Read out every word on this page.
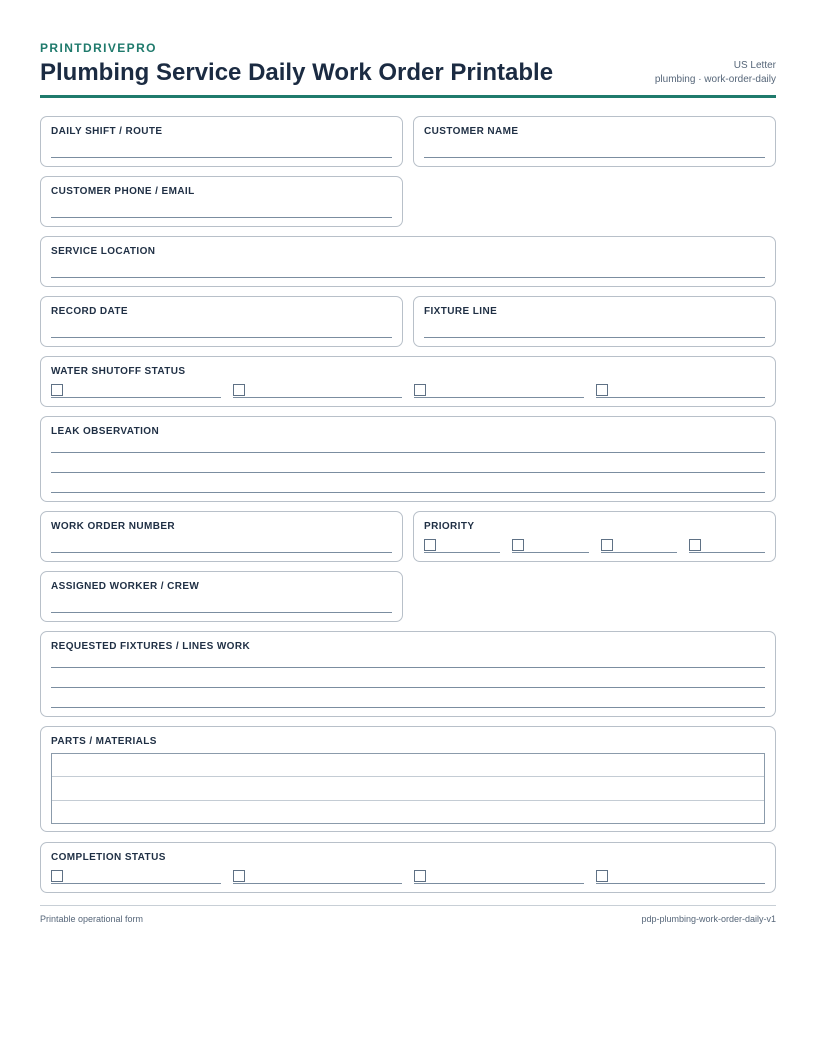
PRINTDRIVEPRO
Plumbing Service Daily Work Order Printable	US Letter
plumbing · work-order-daily
DAILY SHIFT / ROUTE	CUSTOMER NAME
CUSTOMER PHONE / EMAIL
SERVICE LOCATION
RECORD DATE	FIXTURE LINE
WATER SHUTOFF STATUS
LEAK OBSERVATION
WORK ORDER NUMBER	PRIORITY
ASSIGNED WORKER / CREW
REQUESTED FIXTURES / LINES WORK
PARTS / MATERIALS
COMPLETION STATUS
Printable operational form	pdp-plumbing-work-order-daily-v1
